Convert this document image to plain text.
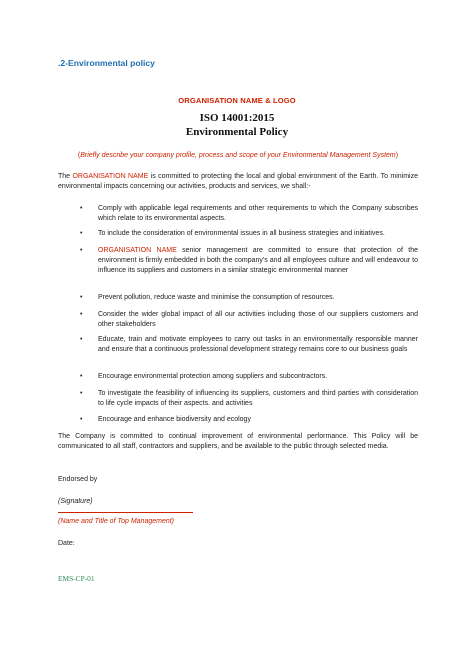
.2-Environmental policy
ORGANISATION NAME & LOGO
ISO 14001:2015
Environmental Policy
(Briefly describe your company profile, process and scope of your Environmental Management System)
The ORGANISATION NAME is committed to protecting the local and global environment of the Earth. To minimize environmental impacts concerning our activities, products and services, we shall:-
• Comply with applicable legal requirements and other requirements to which the Company subscribes which relate to its environmental aspects.
• To include the consideration of environmental issues in all business strategies and initiatives.
• ORGANISATION NAME senior management are committed to ensure that protection of the environment is firmly embedded in both the company's and all employees culture and will endeavour to influence its suppliers and customers in a similar strategic environmental manner
• Prevent pollution, reduce waste and minimise the consumption of resources.
• Consider the wider global impact of all our activities including those of our suppliers customers and other stakeholders
• Educate, train and motivate employees to carry out tasks in an environmentally responsible manner and ensure that a continuous professional development strategy remains core to our business goals
• Encourage environmental protection among suppliers and subcontractors.
• To investigate the feasibility of influencing its suppliers, customers and third parties with consideration to life cycle impacts of their aspects. and activities
• Encourage and enhance biodiversity and ecology
The Company is committed to continual improvement of environmental performance. This Policy will be communicated to all staff, contractors and suppliers, and be available to the public through selected media.
Endorsed by
(Signature)
(Name and Title of Top Management)
Date:
EMS-CP-01
